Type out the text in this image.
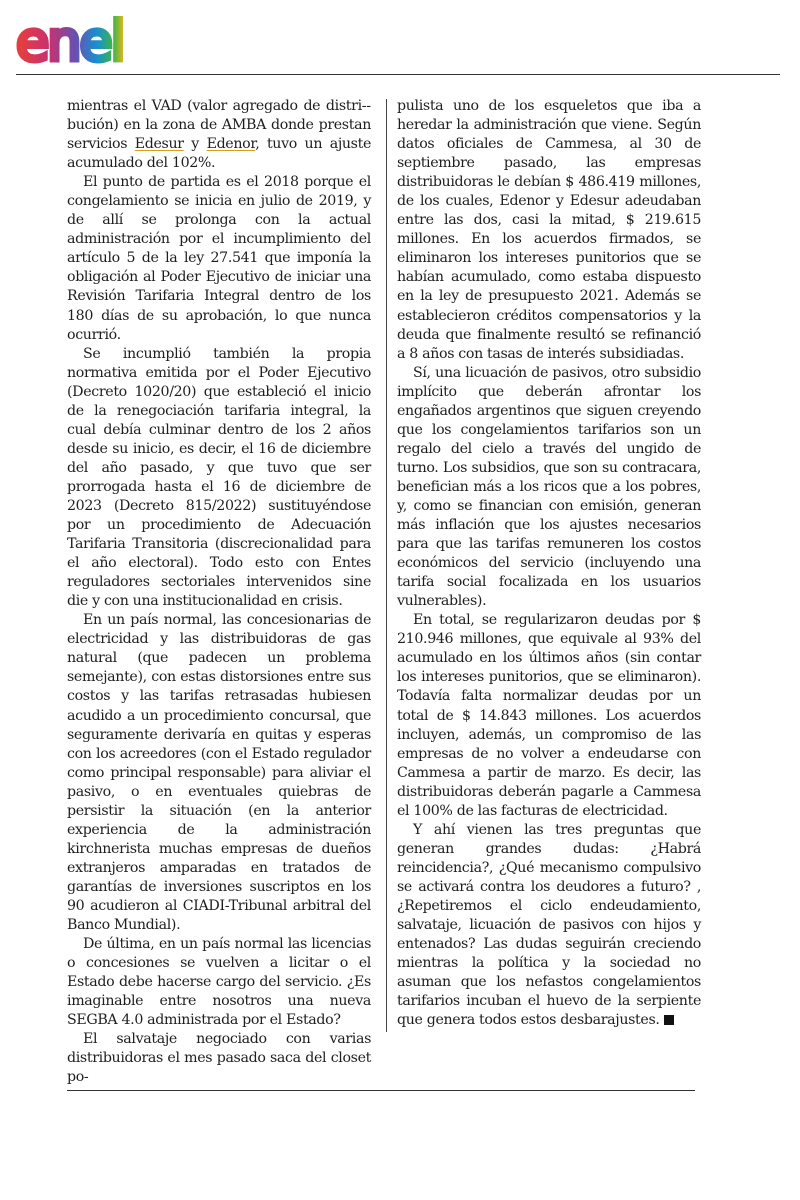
enel

mientras el VAD (valor agregado de distri-bución) en la zona de AMBA donde prestan servicios Edesur y Edenor, tuvo un ajuste acumulado del 102%.

El punto de partida es el 2018 porque el congelamiento se inicia en julio de 2019, y de allí se prolonga con la actual administración por el incumplimiento del artículo 5 de la ley 27.541 que imponía la obligación al Poder Ejecutivo de iniciar una Revisión Tarifaria Integral dentro de los 180 días de su aprobación, lo que nunca ocurrió.

Se incumplió también la propia normativa emitida por el Poder Ejecutivo (Decreto 1020/20) que estableció el inicio de la renegociación tarifaria integral, la cual debía culminar dentro de los 2 años desde su inicio, es decir, el 16 de diciembre del año pasado, y que tuvo que ser prorrogada hasta el 16 de diciembre de 2023 (Decreto 815/2022) sustituyéndose por un procedimiento de Adecuación Tarifaria Transitoria (discrecionalidad para el año electoral). Todo esto con Entes reguladores sectoriales intervenidos sine die y con una institucionalidad en crisis.

En un país normal, las concesionarias de electricidad y las distribuidoras de gas natural (que padecen un problema semejante), con estas distorsiones entre sus costos y las tarifas retrasadas hubiesen acudido a un procedimiento concursal, que seguramente derivaría en quitas y esperas con los acreedores (con el Estado regulador como principal responsable) para aliviar el pasivo, o en eventuales quiebras de persistir la situación (en la anterior experiencia de la administración kirchnerista muchas empresas de dueños extranjeros amparadas en tratados de garantías de inversiones suscriptos en los 90 acudieron al CIADI-Tribunal arbitral del Banco Mundial).

De última, en un país normal las licencias o concesiones se vuelven a licitar o el Estado debe hacerse cargo del servicio. ¿Es imaginable entre nosotros una nueva SEGBA 4.0 administrada por el Estado?

El salvataje negociado con varias distribuidoras el mes pasado saca del closet po-

pulista uno de los esqueletos que iba a heredar la administración que viene. Según datos oficiales de Cammesa, al 30 de septiembre pasado, las empresas distribuidoras le debían $ 486.419 millones, de los cuales, Edenor y Edesur adeudaban entre las dos, casi la mitad, $ 219.615 millones. En los acuerdos firmados, se eliminaron los intereses punitorios que se habían acumulado, como estaba dispuesto en la ley de presupuesto 2021. Además se establecieron créditos compensatorios y la deuda que finalmente resultó se refinanció a 8 años con tasas de interés subsidiadas.

Sí, una licuación de pasivos, otro subsidio implícito que deberán afrontar los engañados argentinos que siguen creyendo que los congelamientos tarifarios son un regalo del cielo a través del ungido de turno. Los subsidios, que son su contracara, benefician más a los ricos que a los pobres, y, como se financian con emisión, generan más inflación que los ajustes necesarios para que las tarifas remuneren los costos económicos del servicio (incluyendo una tarifa social focalizada en los usuarios vulnerables).

En total, se regularizaron deudas por $ 210.946 millones, que equivale al 93% del acumulado en los últimos años (sin contar los intereses punitorios, que se eliminaron). Todavía falta normalizar deudas por un total de $ 14.843 millones. Los acuerdos incluyen, además, un compromiso de las empresas de no volver a endeudarse con Cammesa a partir de marzo. Es decir, las distribuidoras deberán pagarle a Cammesa el 100% de las facturas de electricidad.

Y ahí vienen las tres preguntas que generan grandes dudas: ¿Habrá reincidencia?, ¿Qué mecanismo compulsivo se activará contra los deudores a futuro? , ¿Repetiremos el ciclo endeudamiento, salvataje, licuación de pasivos con hijos y entenados? Las dudas seguirán creciendo mientras la política y la sociedad no asuman que los nefastos congelamientos tarifarios incuban el huevo de la serpiente que genera todos estos desbarajustes.
